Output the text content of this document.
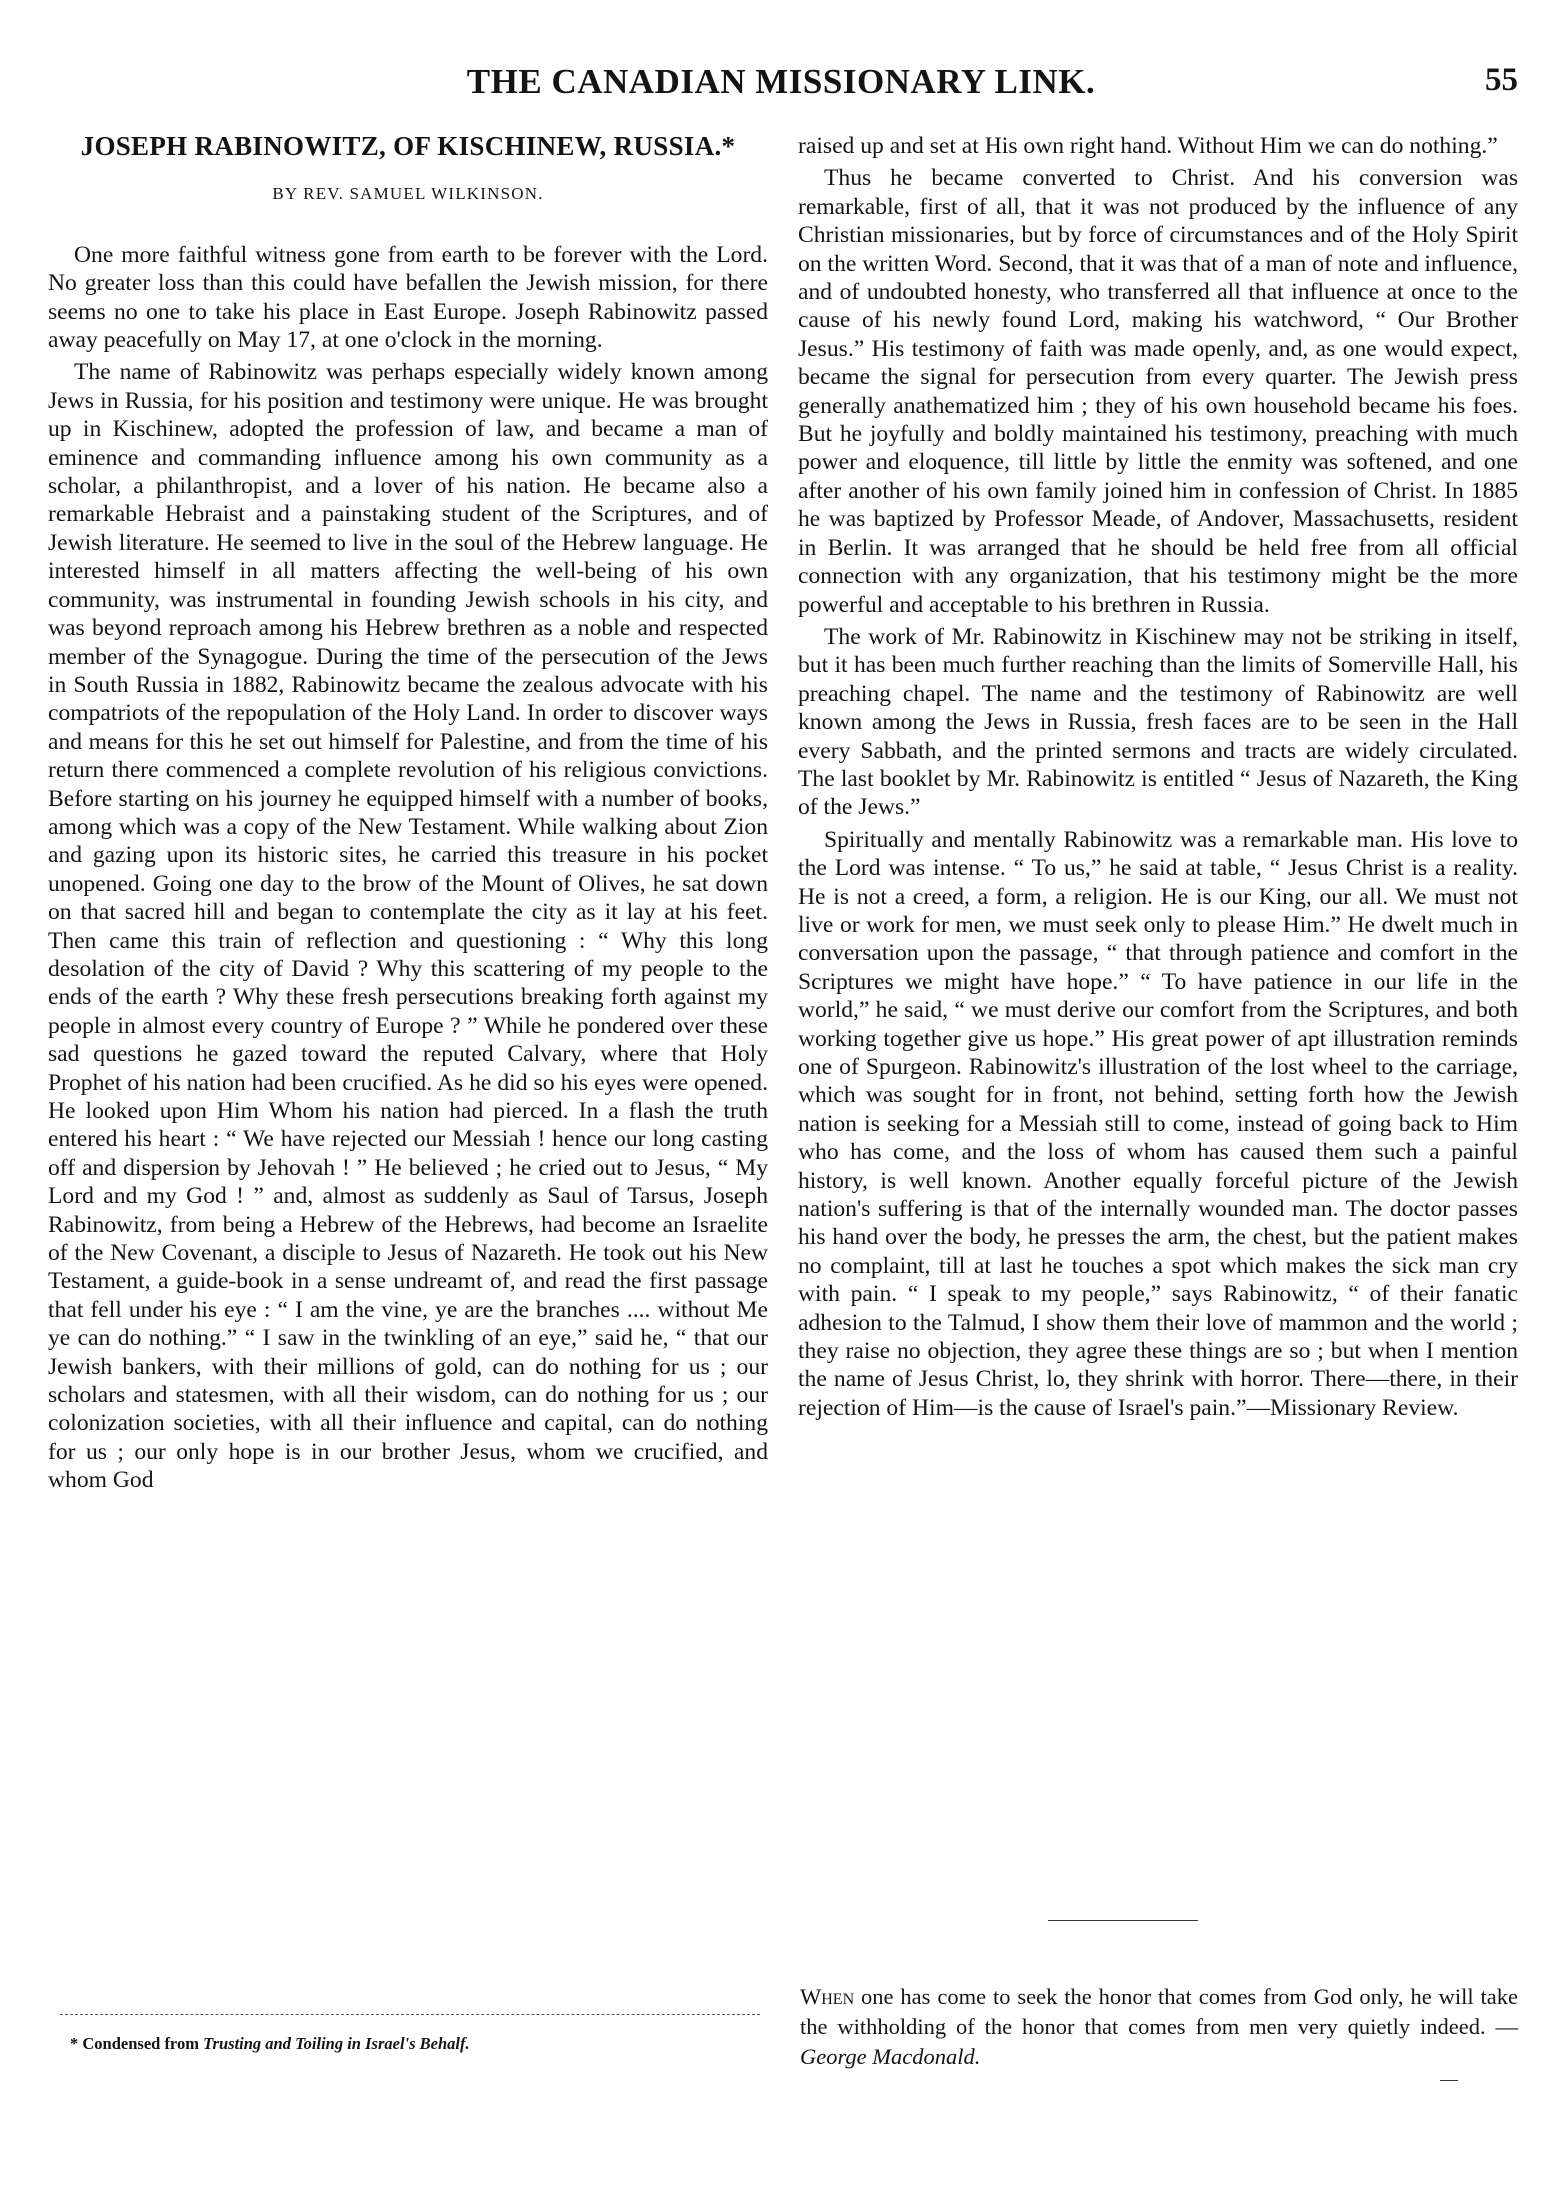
THE CANADIAN MISSIONARY LINK.	55
JOSEPH RABINOWITZ, OF KISCHINEW, RUSSIA.*
BY REV. SAMUEL WILKINSON.

One more faithful witness gone from earth to be forever with the Lord. No greater loss than this could have befallen the Jewish mission, for there seems no one to take his place in East Europe. Joseph Rabinowitz passed away peacefully on May 17, at one o'clock in the morning.

The name of Rabinowitz was perhaps especially widely known among Jews in Russia, for his position and testimony were unique. He was brought up in Kischinew, adopted the profession of law, and became a man of eminence and commanding influence among his own community as a scholar, a philanthropist, and a lover of his nation. He became also a remarkable Hebraist and a painstaking student of the Scriptures, and of Jewish literature. He seemed to live in the soul of the Hebrew language. He interested himself in all matters affecting the well-being of his own community, was instrumental in founding Jewish schools in his city, and was beyond reproach among his Hebrew brethren as a noble and respected member of the Synagogue. During the time of the persecution of the Jews in South Russia in 1882, Rabinowitz became the zealous advocate with his compatriots of the repopulation of the Holy Land. In order to discover ways and means for this he set out himself for Palestine, and from the time of his return there commenced a complete revolution of his religious convictions. Before starting on his journey he equipped himself with a number of books, among which was a copy of the New Testament. While walking about Zion and gazing upon its historic sites, he carried this treasure in his pocket unopened. Going one day to the brow of the Mount of Olives, he sat down on that sacred hill and began to contemplate the city as it lay at his feet. Then came this train of reflection and questioning : “ Why this long desolation of the city of David ? Why this scattering of my people to the ends of the earth ? Why these fresh persecutions breaking forth against my people in almost every country of Europe ? ” While he pondered over these sad questions he gazed toward the reputed Calvary, where that Holy Prophet of his nation had been crucified. As he did so his eyes were opened. He looked upon Him Whom his nation had pierced. In a flash the truth entered his heart : “ We have rejected our Messiah ! hence our long casting off and dispersion by Jehovah ! ” He believed ; he cried out to Jesus, “ My Lord and my God ! ” and, almost as suddenly as Saul of Tarsus, Joseph Rabinowitz, from being a Hebrew of the Hebrews, had become an Israelite of the New Covenant, a disciple to Jesus of Nazareth. He took out his New Testament, a guide-book in a sense undreamt of, and read the first passage that fell under his eye : “ I am the vine, ye are the branches .... without Me ye can do nothing.” “ I saw in the twinkling of an eye,” said he, “ that our Jewish bankers, with their millions of gold, can do nothing for us ; our scholars and statesmen, with all their wisdom, can do nothing for us ; our colonization societies, with all their influence and capital, can do nothing for us ; our only hope is in our brother Jesus, whom we crucified, and whom God

* Condensed from Trusting and Toiling in Israel's Behalf.

raised up and set at His own right hand. Without Him we can do nothing.”

Thus he became converted to Christ. And his conversion was remarkable, first of all, that it was not produced by the influence of any Christian missionaries, but by force of circumstances and of the Holy Spirit on the written Word. Second, that it was that of a man of note and influence, and of undoubted honesty, who transferred all that influence at once to the cause of his newly found Lord, making his watchword, “ Our Brother Jesus.” His testimony of faith was made openly, and, as one would expect, became the signal for persecution from every quarter. The Jewish press generally anathematized him ; they of his own household became his foes. But he joyfully and boldly maintained his testimony, preaching with much power and eloquence, till little by little the enmity was softened, and one after another of his own family joined him in confession of Christ. In 1885 he was baptized by Professor Meade, of Andover, Massachusetts, resident in Berlin. It was arranged that he should be held free from all official connection with any organization, that his testimony might be the more powerful and acceptable to his brethren in Russia.

The work of Mr. Rabinowitz in Kischinew may not be striking in itself, but it has been much further reaching than the limits of Somerville Hall, his preaching chapel. The name and the testimony of Rabinowitz are well known among the Jews in Russia, fresh faces are to be seen in the Hall every Sabbath, and the printed sermons and tracts are widely circulated. The last booklet by Mr. Rabinowitz is entitled “ Jesus of Nazareth, the King of the Jews.”

Spiritually and mentally Rabinowitz was a remarkable man. His love to the Lord was intense. “ To us,” he said at table, “ Jesus Christ is a reality. He is not a creed, a form, a religion. He is our King, our all. We must not live or work for men, we must seek only to please Him.” He dwelt much in conversation upon the passage, “ that through patience and comfort in the Scriptures we might have hope.” “ To have patience in our life in the world,” he said, “ we must derive our comfort from the Scriptures, and both working together give us hope.” His great power of apt illustration reminds one of Spurgeon. Rabinowitz's illustration of the lost wheel to the carriage, which was sought for in front, not behind, setting forth how the Jewish nation is seeking for a Messiah still to come, instead of going back to Him who has come, and the loss of whom has caused them such a painful history, is well known. Another equally forceful picture of the Jewish nation's suffering is that of the internally wounded man. The doctor passes his hand over the body, he presses the arm, the chest, but the patient makes no complaint, till at last he touches a spot which makes the sick man cry with pain. “ I speak to my people,” says Rabinowitz, “ of their fanatic adhesion to the Talmud, I show them their love of mammon and the world ; they raise no objection, they agree these things are so ; but when I mention the name of Jesus Christ, lo, they shrink with horror. There—there, in their rejection of Him—is the cause of Israel's pain.”—Missionary Review.

When one has come to seek the honor that comes from God only, he will take the withholding of the honor that comes from men very quietly indeed. —George Macdonald.
